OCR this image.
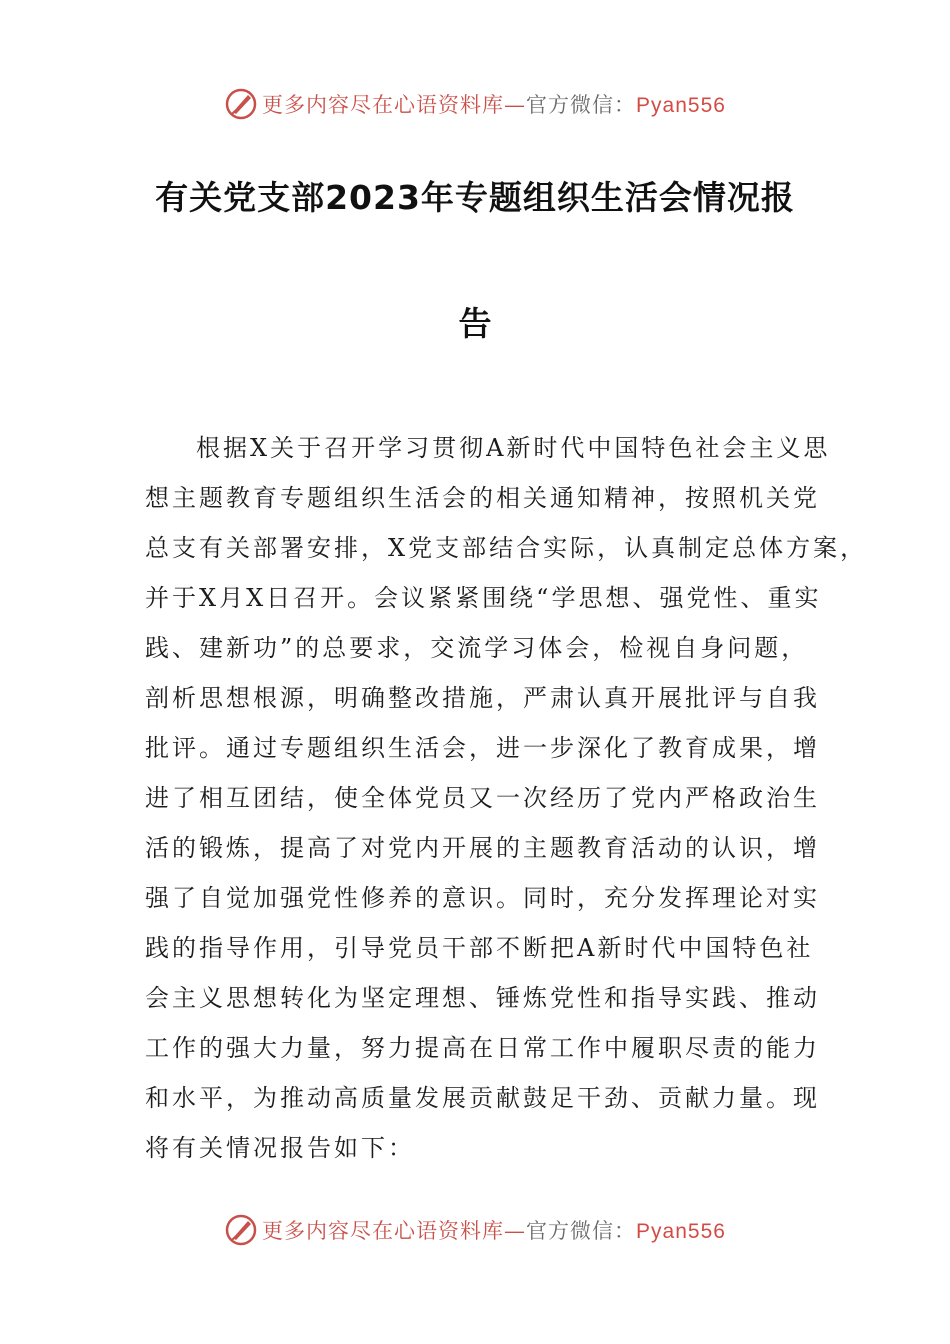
更多内容尽在心语资料库—官方微信：Pyan556
有关党支部2023年专题组织生活会情况报
告
根据X关于召开学习贯彻A新时代中国特色社会主义思
想主题教育专题组织生活会的相关通知精神，按照机关党
总支有关部署安排，X党支部结合实际，认真制定总体方案，
并于X月X日召开。会议紧紧围绕“学思想、强党性、重实
践、建新功”的总要求，交流学习体会，检视自身问题，
剖析思想根源，明确整改措施，严肃认真开展批评与自我
批评。通过专题组织生活会，进一步深化了教育成果，增
进了相互团结，使全体党员又一次经历了党内严格政治生
活的锻炼，提高了对党内开展的主题教育活动的认识，增
强了自觉加强党性修养的意识。同时，充分发挥理论对实
践的指导作用，引导党员干部不断把A新时代中国特色社
会主义思想转化为坚定理想、锤炼党性和指导实践、推动
工作的强大力量，努力提高在日常工作中履职尽责的能力
和水平，为推动高质量发展贡献鼓足干劲、贡献力量。现
将有关情况报告如下：
更多内容尽在心语资料库—官方微信：Pyan556
